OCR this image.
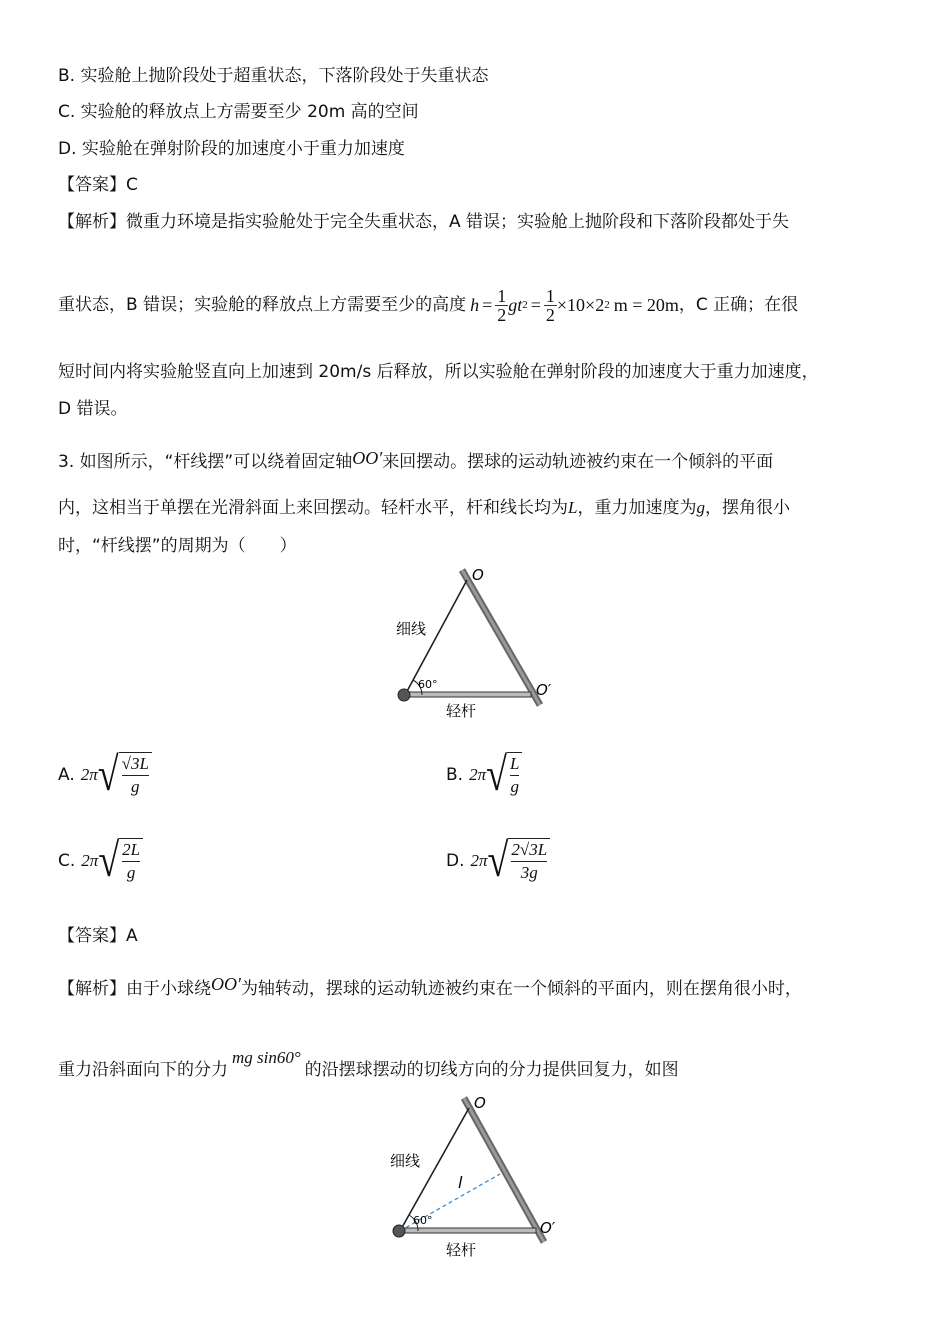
B. 实验舱上抛阶段处于超重状态，下落阶段处于失重状态
C. 实验舱的释放点上方需要至少 20m 高的空间
D. 实验舱在弹射阶段的加速度小于重力加速度
【答案】C
【解析】微重力环境是指实验舱处于完全失重状态，A 错误；实验舱上抛阶段和下落阶段都处于失
重状态，B 错误；实验舱的释放点上方需要至少的高度 $h = \frac{1}{2}$ gt $2 = \frac{1}{2} \times 10\times 2$ 2 m = 20m ，C 正确；在很
短时间内将实验舱竖直向上加速到 20m/s 后释放，所以实验舱在弹射阶段的加速度大于重力加速度，
D 错误。
3. 如图所示，“杆线摆”可以绕着固定轴OO′来回摆动。摆球的运动轨迹被约束在一个倾斜的平面
内，这相当于单摆在光滑斜面上来回摆动。轻杆水平，杆和线长均为L，重力加速度为g，摆角很小
时，“杆线摆”的周期为（　　）
O
O′
细线
60°
轻杆
A. 2π √ $\frac{√3L}{g}$	B. 2π √ $\frac{L}{g}$
C. 2π √ $\frac{2L}{g}$	D. 2π √ $\frac{2√3L}{3g}$
【答案】A
【解析】由于小球绕OO′为轴转动，摆球的运动轨迹被约束在一个倾斜的平面内，则在摆角很小时，
重力沿斜面向下的分力mg sin60°的沿摆球摆动的切线方向的分力提供回复力，如图
O
O′
细线
l
60°
轻杆
